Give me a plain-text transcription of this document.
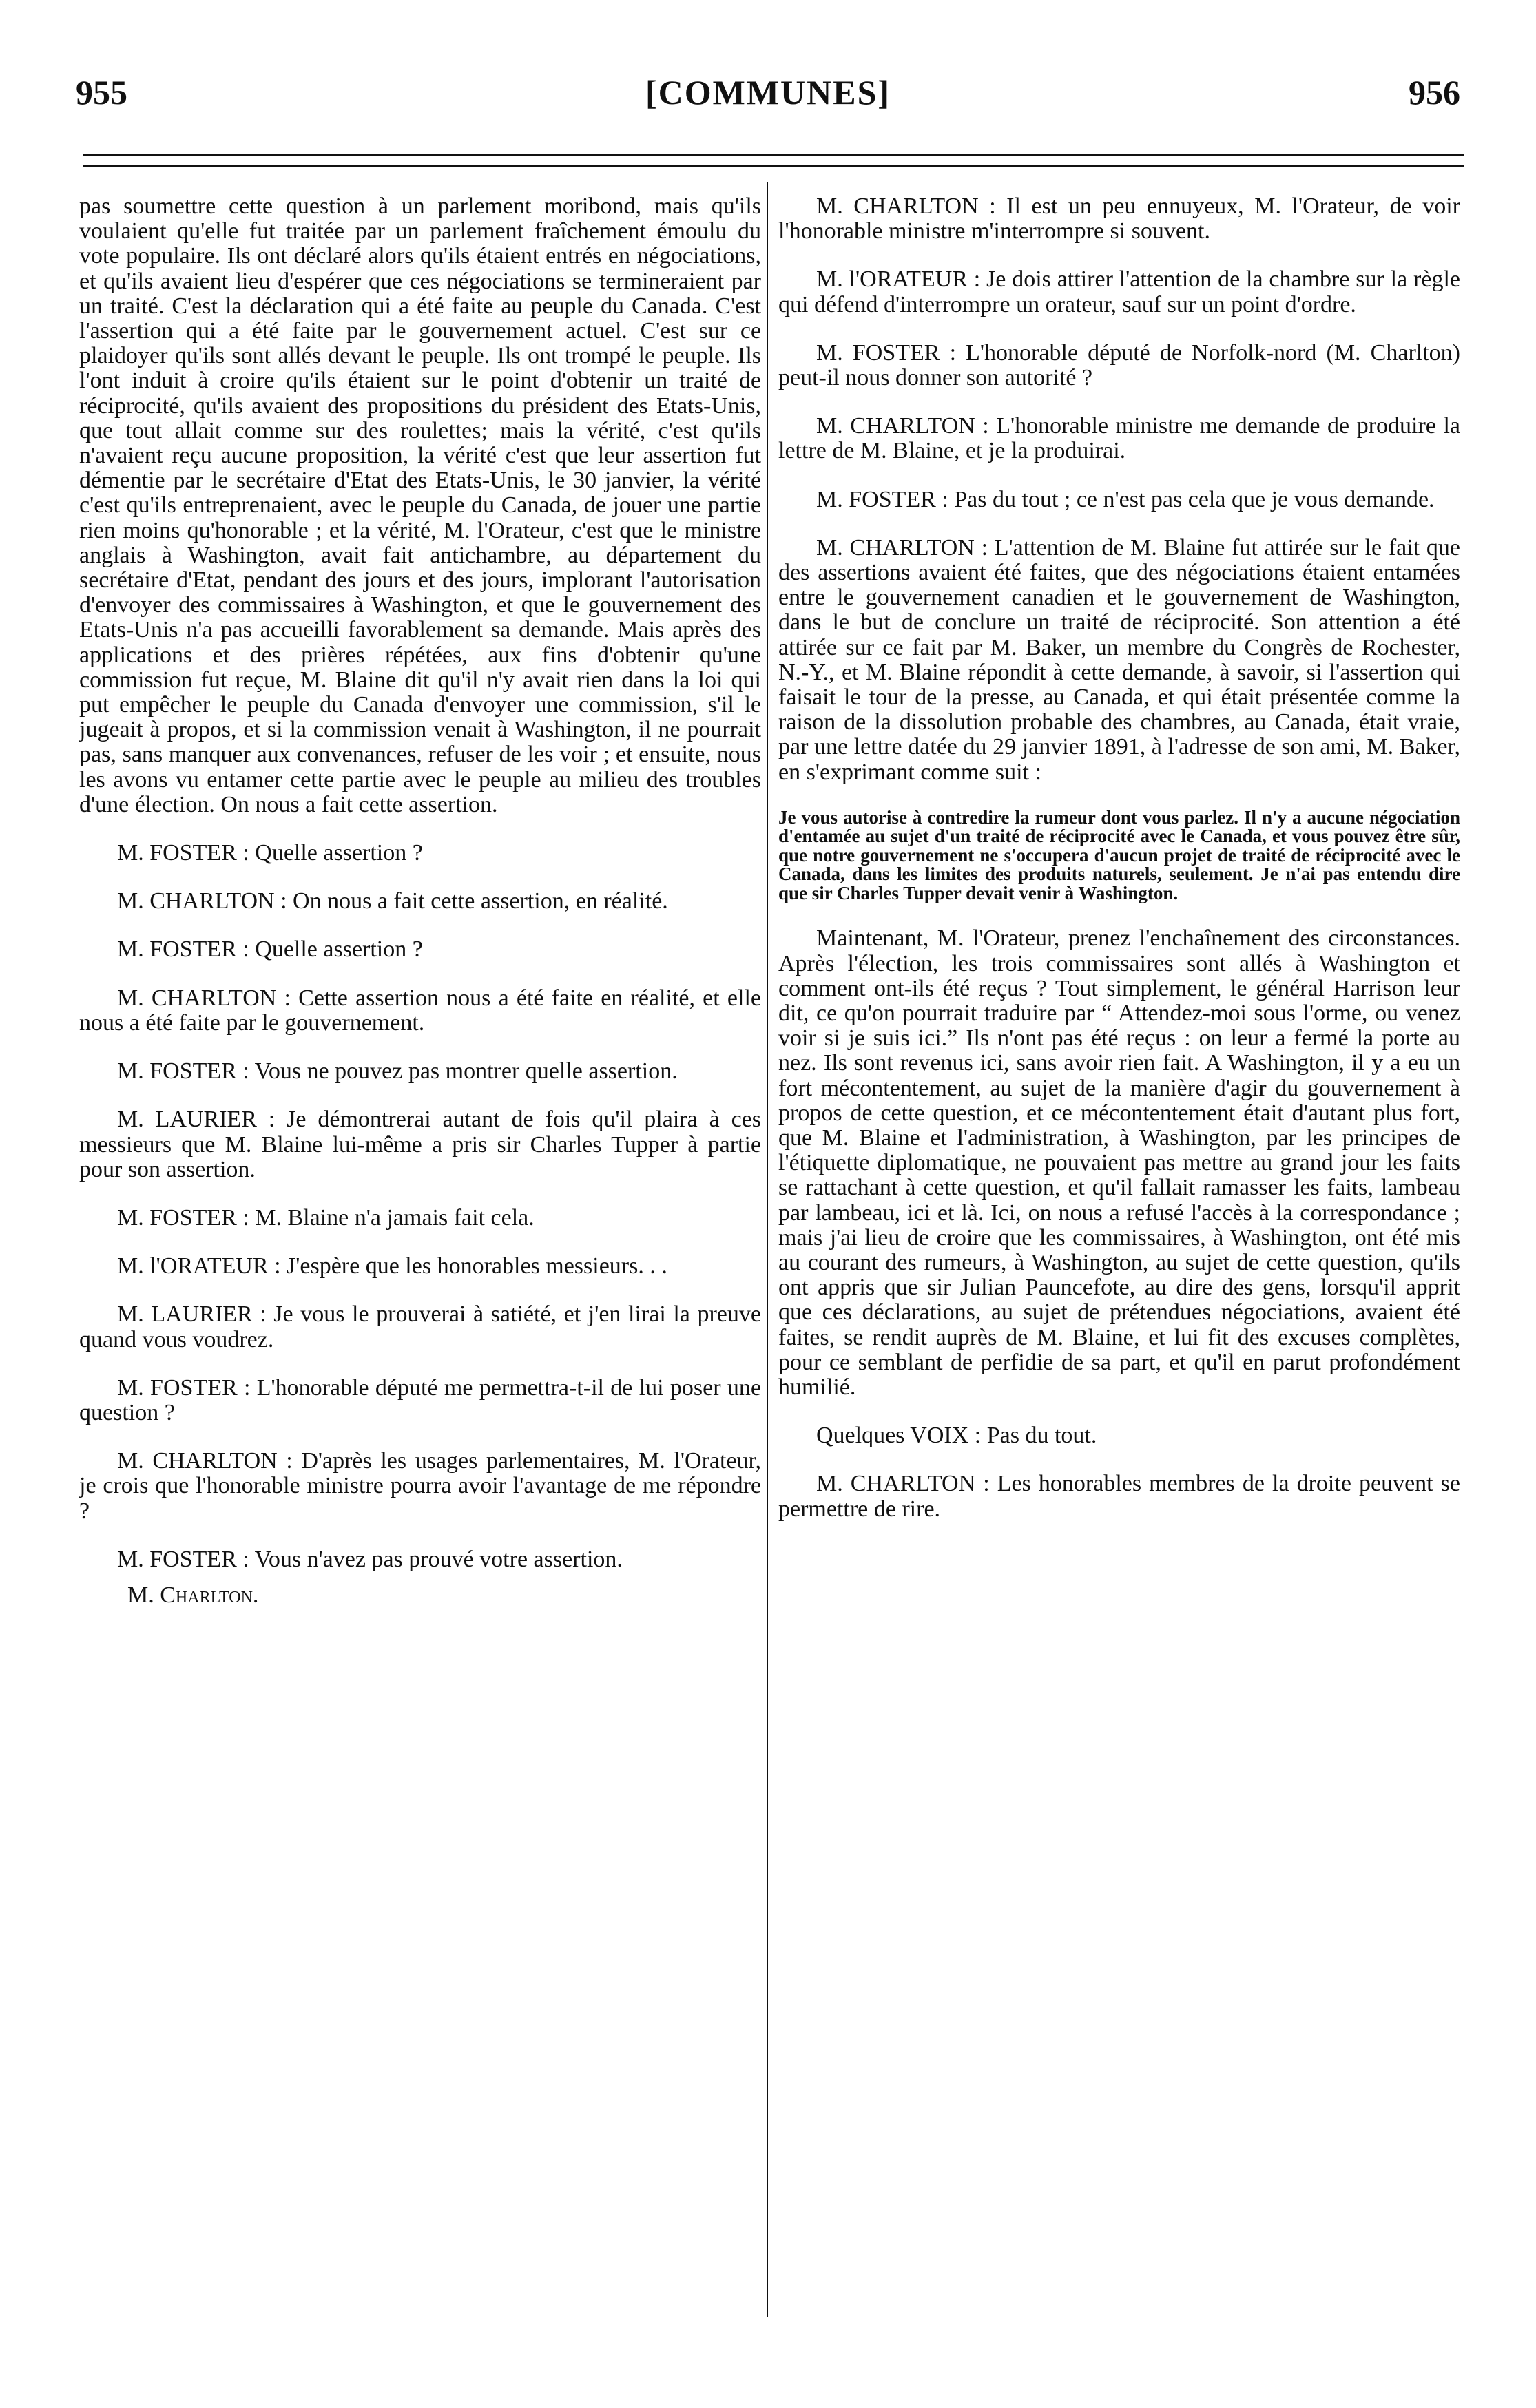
955	[COMMUNES]	956

pas soumettre cette question à un parlement moribond, mais qu'ils voulaient qu'elle fut traitée par un parlement fraîchement émoulu du vote populaire. Ils ont déclaré alors qu'ils étaient entrés en négociations, et qu'ils avaient lieu d'espérer que ces négociations se termineraient par un traité. C'est la déclaration qui a été faite au peuple du Canada. C'est l'assertion qui a été faite par le gouvernement actuel. C'est sur ce plaidoyer qu'ils sont allés devant le peuple. Ils ont trompé le peuple. Ils l'ont induit à croire qu'ils étaient sur le point d'obtenir un traité de réciprocité, qu'ils avaient des propositions du président des Etats-Unis, que tout allait comme sur des roulettes; mais la vérité, c'est qu'ils n'avaient reçu aucune proposition, la vérité c'est que leur assertion fut démentie par le secrétaire d'Etat des Etats-Unis, le 30 janvier, la vérité c'est qu'ils entreprenaient, avec le peuple du Canada, de jouer une partie rien moins qu'honorable ; et la vérité, M. l'Orateur, c'est que le ministre anglais à Washington, avait fait antichambre, au département du secrétaire d'Etat, pendant des jours et des jours, implorant l'autorisation d'envoyer des commissaires à Washington, et que le gouvernement des Etats-Unis n'a pas accueilli favorablement sa demande. Mais après des applications et des prières répétées, aux fins d'obtenir qu'une commission fut reçue, M. Blaine dit qu'il n'y avait rien dans la loi qui put empêcher le peuple du Canada d'envoyer une commission, s'il le jugeait à propos, et si la commission venait à Washington, il ne pourrait pas, sans manquer aux convenances, refuser de les voir ; et ensuite, nous les avons vu entamer cette partie avec le peuple au milieu des troubles d'une élection. On nous a fait cette assertion.

M. FOSTER : Quelle assertion ?

M. CHARLTON : On nous a fait cette assertion, en réalité.

M. FOSTER : Quelle assertion ?

M. CHARLTON : Cette assertion nous a été faite en réalité, et elle nous a été faite par le gouvernement.

M. FOSTER : Vous ne pouvez pas montrer quelle assertion.

M. LAURIER : Je démontrerai autant de fois qu'il plaira à ces messieurs que M. Blaine lui-même a pris sir Charles Tupper à partie pour son assertion.

M. FOSTER : M. Blaine n'a jamais fait cela.

M. l'ORATEUR : J'espère que les honorables messieurs. . .

M. LAURIER : Je vous le prouverai à satiété, et j'en lirai la preuve quand vous voudrez.

M. FOSTER : L'honorable député me permettra-t-il de lui poser une question ?

M. CHARLTON : D'après les usages parlementaires, M. l'Orateur, je crois que l'honorable ministre pourra avoir l'avantage de me répondre ?

M. FOSTER : Vous n'avez pas prouvé votre assertion.

M. Charlton.

M. CHARLTON : Il est un peu ennuyeux, M. l'Orateur, de voir l'honorable ministre m'interrompre si souvent.

M. l'ORATEUR : Je dois attirer l'attention de la chambre sur la règle qui défend d'interrompre un orateur, sauf sur un point d'ordre.

M. FOSTER : L'honorable député de Norfolk-nord (M. Charlton) peut-il nous donner son autorité ?

M. CHARLTON : L'honorable ministre me demande de produire la lettre de M. Blaine, et je la produirai.

M. FOSTER : Pas du tout ; ce n'est pas cela que je vous demande.

M. CHARLTON : L'attention de M. Blaine fut attirée sur le fait que des assertions avaient été faites, que des négociations étaient entamées entre le gouvernement canadien et le gouvernement de Washington, dans le but de conclure un traité de réciprocité. Son attention a été attirée sur ce fait par M. Baker, un membre du Congrès de Rochester, N.-Y., et M. Blaine répondit à cette demande, à savoir, si l'assertion qui faisait le tour de la presse, au Canada, et qui était présentée comme la raison de la dissolution probable des chambres, au Canada, était vraie, par une lettre datée du 29 janvier 1891, à l'adresse de son ami, M. Baker, en s'exprimant comme suit :

Je vous autorise à contredire la rumeur dont vous parlez. Il n'y a aucune négociation d'entamée au sujet d'un traité de réciprocité avec le Canada, et vous pouvez être sûr, que notre gouvernement ne s'occupera d'aucun projet de traité de réciprocité avec le Canada, dans les limites des produits naturels, seulement. Je n'ai pas entendu dire que sir Charles Tupper devait venir à Washington.

Maintenant, M. l'Orateur, prenez l'enchaînement des circonstances. Après l'élection, les trois commissaires sont allés à Washington et comment ont-ils été reçus ? Tout simplement, le général Harrison leur dit, ce qu'on pourrait traduire par “ Attendez-moi sous l'orme, ou venez voir si je suis ici.” Ils n'ont pas été reçus : on leur a fermé la porte au nez. Ils sont revenus ici, sans avoir rien fait. A Washington, il y a eu un fort mécontentement, au sujet de la manière d'agir du gouvernement à propos de cette question, et ce mécontentement était d'autant plus fort, que M. Blaine et l'administration, à Washington, par les principes de l'étiquette diplomatique, ne pouvaient pas mettre au grand jour les faits se rattachant à cette question, et qu'il fallait ramasser les faits, lambeau par lambeau, ici et là. Ici, on nous a refusé l'accès à la correspondance ; mais j'ai lieu de croire que les commissaires, à Washington, ont été mis au courant des rumeurs, à Washington, au sujet de cette question, qu'ils ont appris que sir Julian Pauncefote, au dire des gens, lorsqu'il apprit que ces déclarations, au sujet de prétendues négociations, avaient été faites, se rendit auprès de M. Blaine, et lui fit des excuses complètes, pour ce semblant de perfidie de sa part, et qu'il en parut profondément humilié.

Quelques VOIX : Pas du tout.

M. CHARLTON : Les honorables membres de la droite peuvent se permettre de rire.
